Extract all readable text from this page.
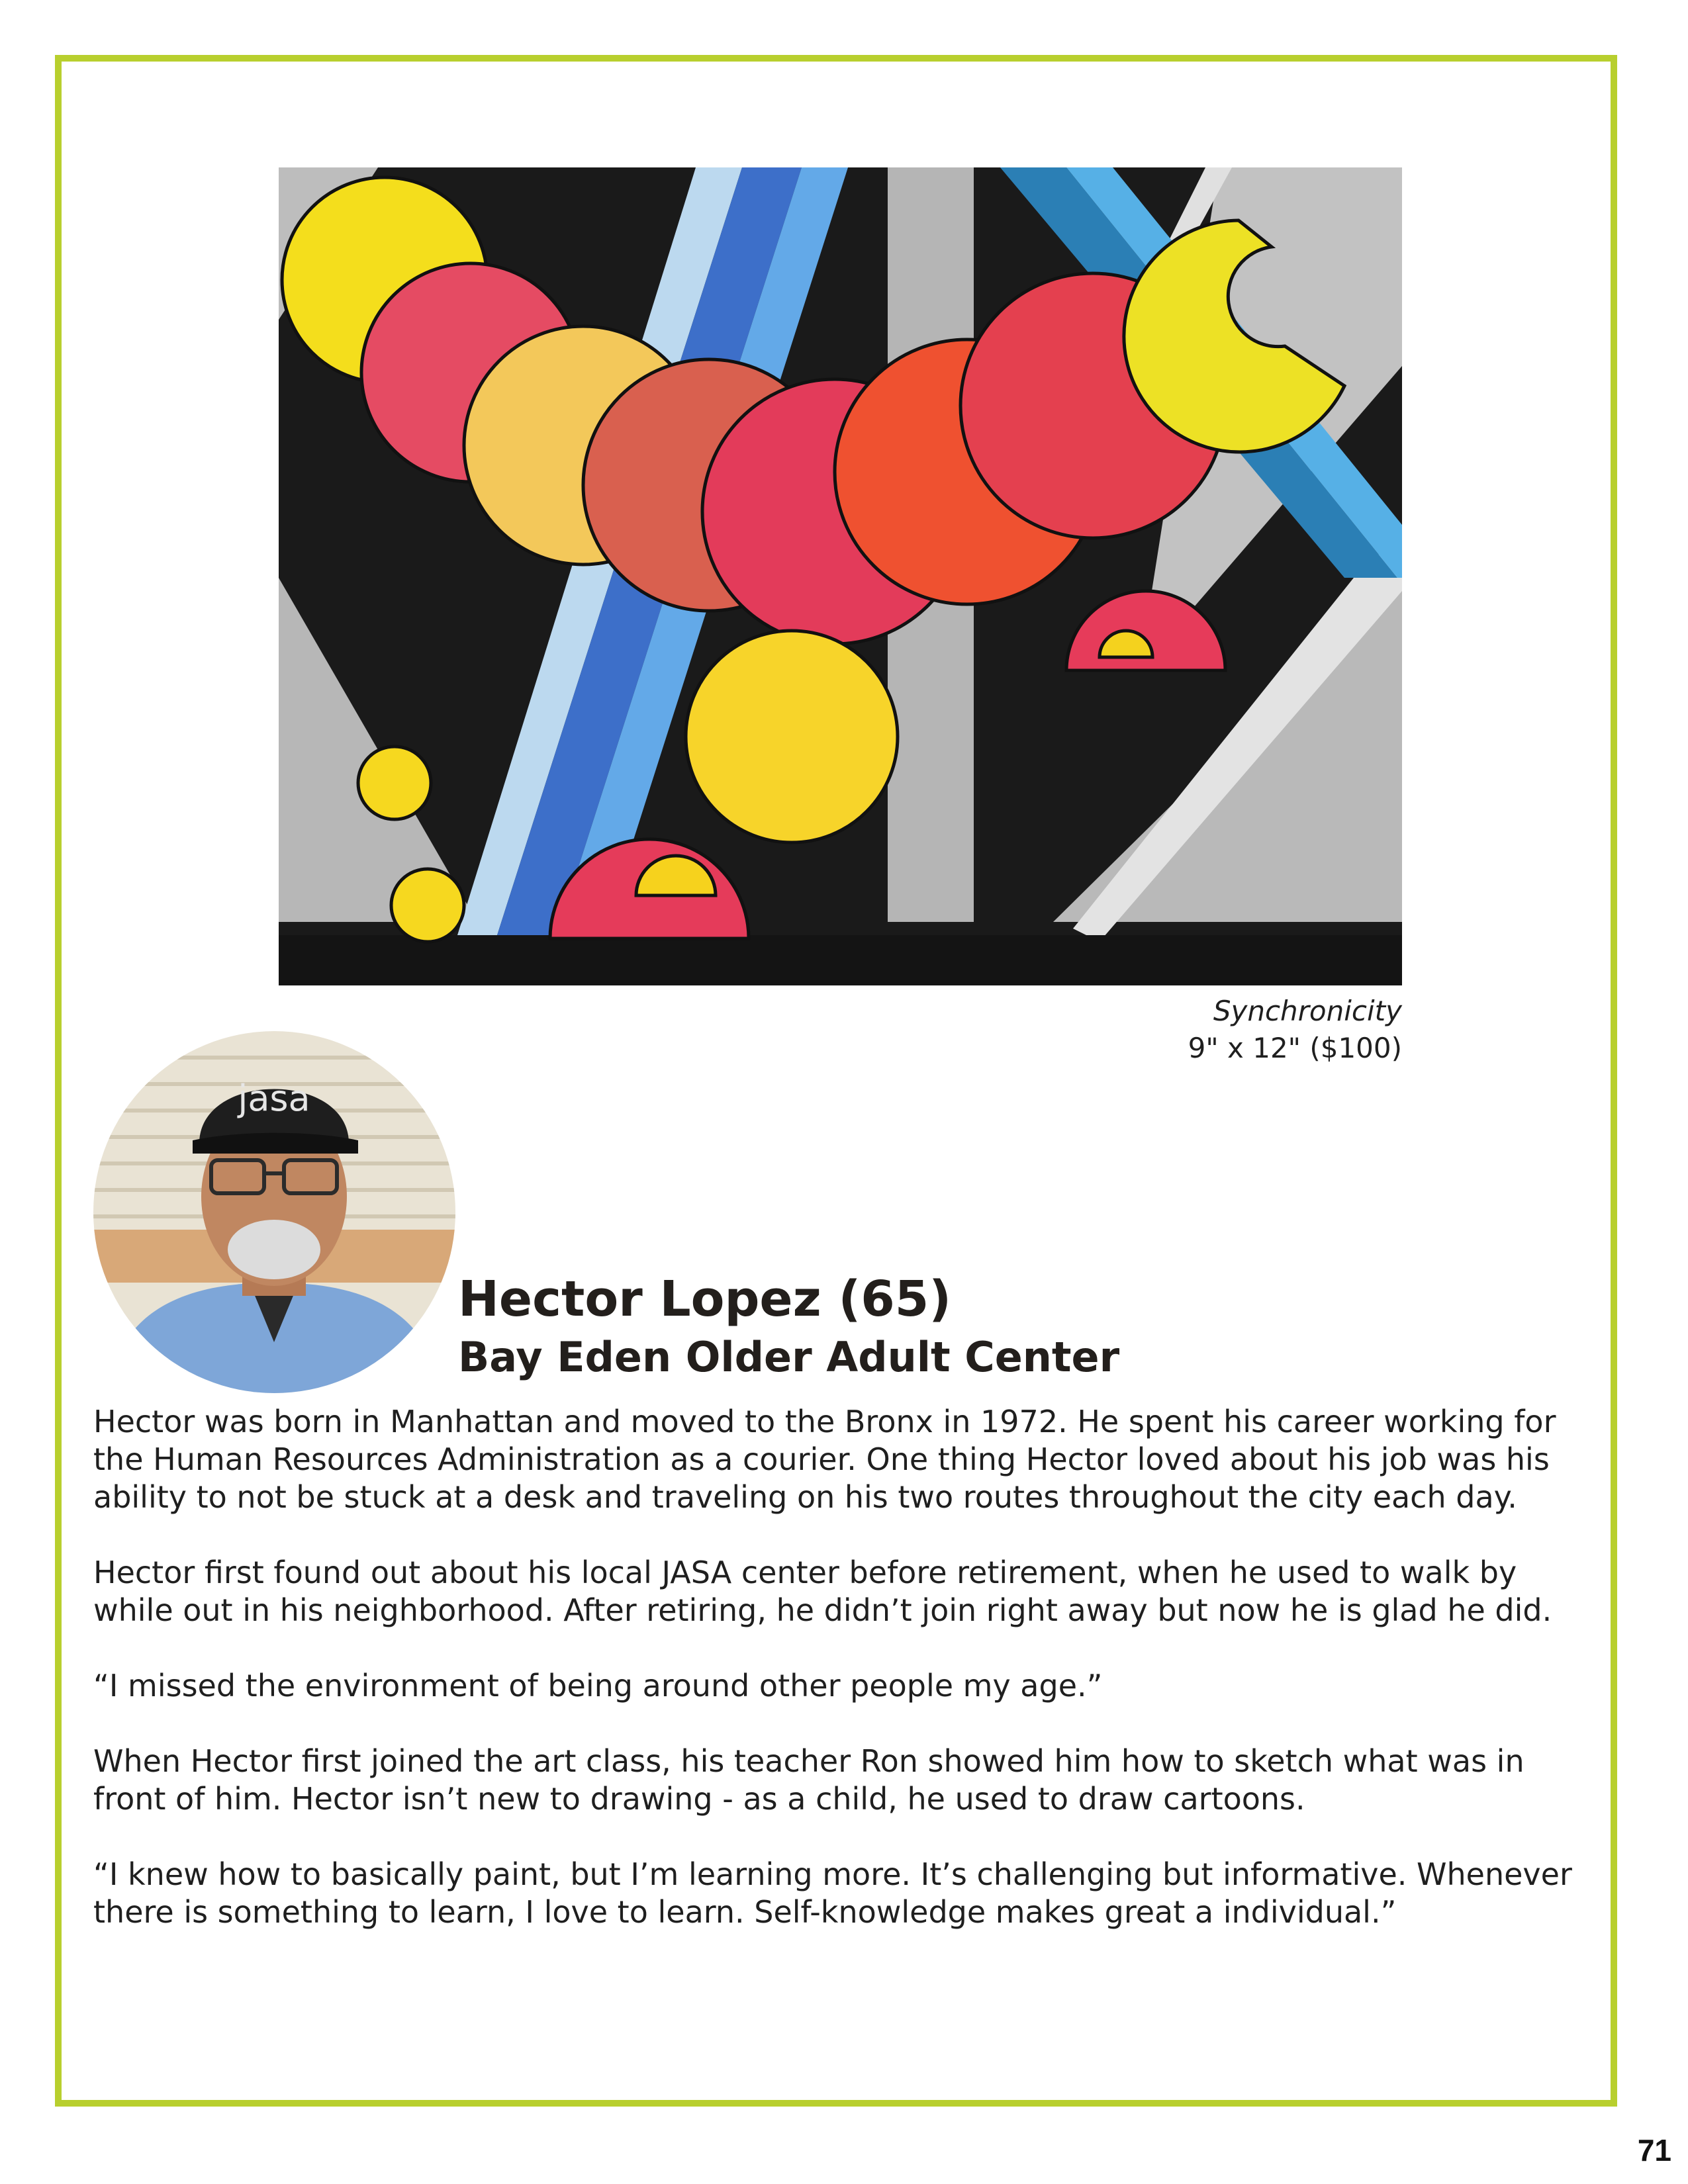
Synchronicity
9" x 12" ($100)
jasa
Hector Lopez (65)
Bay Eden Older Adult Center

Hector was born in Manhattan and moved to the Bronx in 1972. He spent his career working for the Human Resources Administration as a courier. One thing Hector loved about his job was his ability to not be stuck at a desk and traveling on his two routes throughout the city each day.

Hector first found out about his local JASA center before retirement, when he used to walk by while out in his neighborhood. After retiring, he didn’t join right away but now he is glad he did.

“I missed the environment of being around other people my age.”

When Hector first joined the art class, his teacher Ron showed him how to sketch what was in front of him. Hector isn’t new to drawing - as a child, he used to draw cartoons.

“I knew how to basically paint, but I’m learning more. It’s challenging but informative. Whenever there is something to learn, I love to learn. Self-knowledge makes great a individual.”

71
